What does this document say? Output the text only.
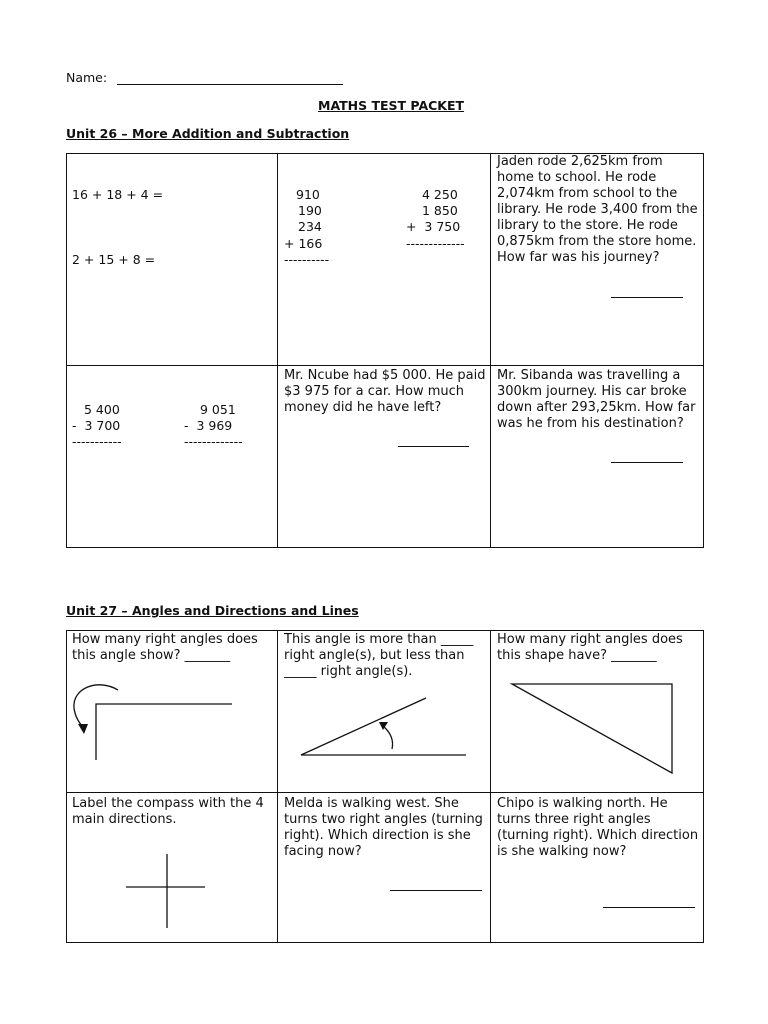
Name:
MATHS TEST PACKET
Unit 26 – More Addition and Subtraction
16 + 18 + 4 =
2 + 15 + 8 =
910
190
234
+ 166
----------
4 250
1 850
+  3 750
-------------
Jaden rode 2,625km from home to school. He rode 2,074km from school to the library. He rode 3,400 from the library to the store. He rode 0,875km from the store home. How far was his journey?
5 400
-  3 700
-----------
9 051
-  3 969
-------------
Mr. Ncube had $5 000. He paid $3 975 for a car. How much money did he have left?
Mr. Sibanda was travelling a 300km journey. His car broke down after 293,25km. How far was he from his destination?
Unit 27 – Angles and Directions and Lines
How many right angles does this angle show? _______
This angle is more than _____ right angle(s), but less than _____ right angle(s).
How many right angles does this shape have? _______
Label the compass with the 4 main directions.
Melda is walking west. She turns two right angles (turning right). Which direction is she facing now?
Chipo is walking north. He turns three right angles (turning right). Which direction is she walking now?
